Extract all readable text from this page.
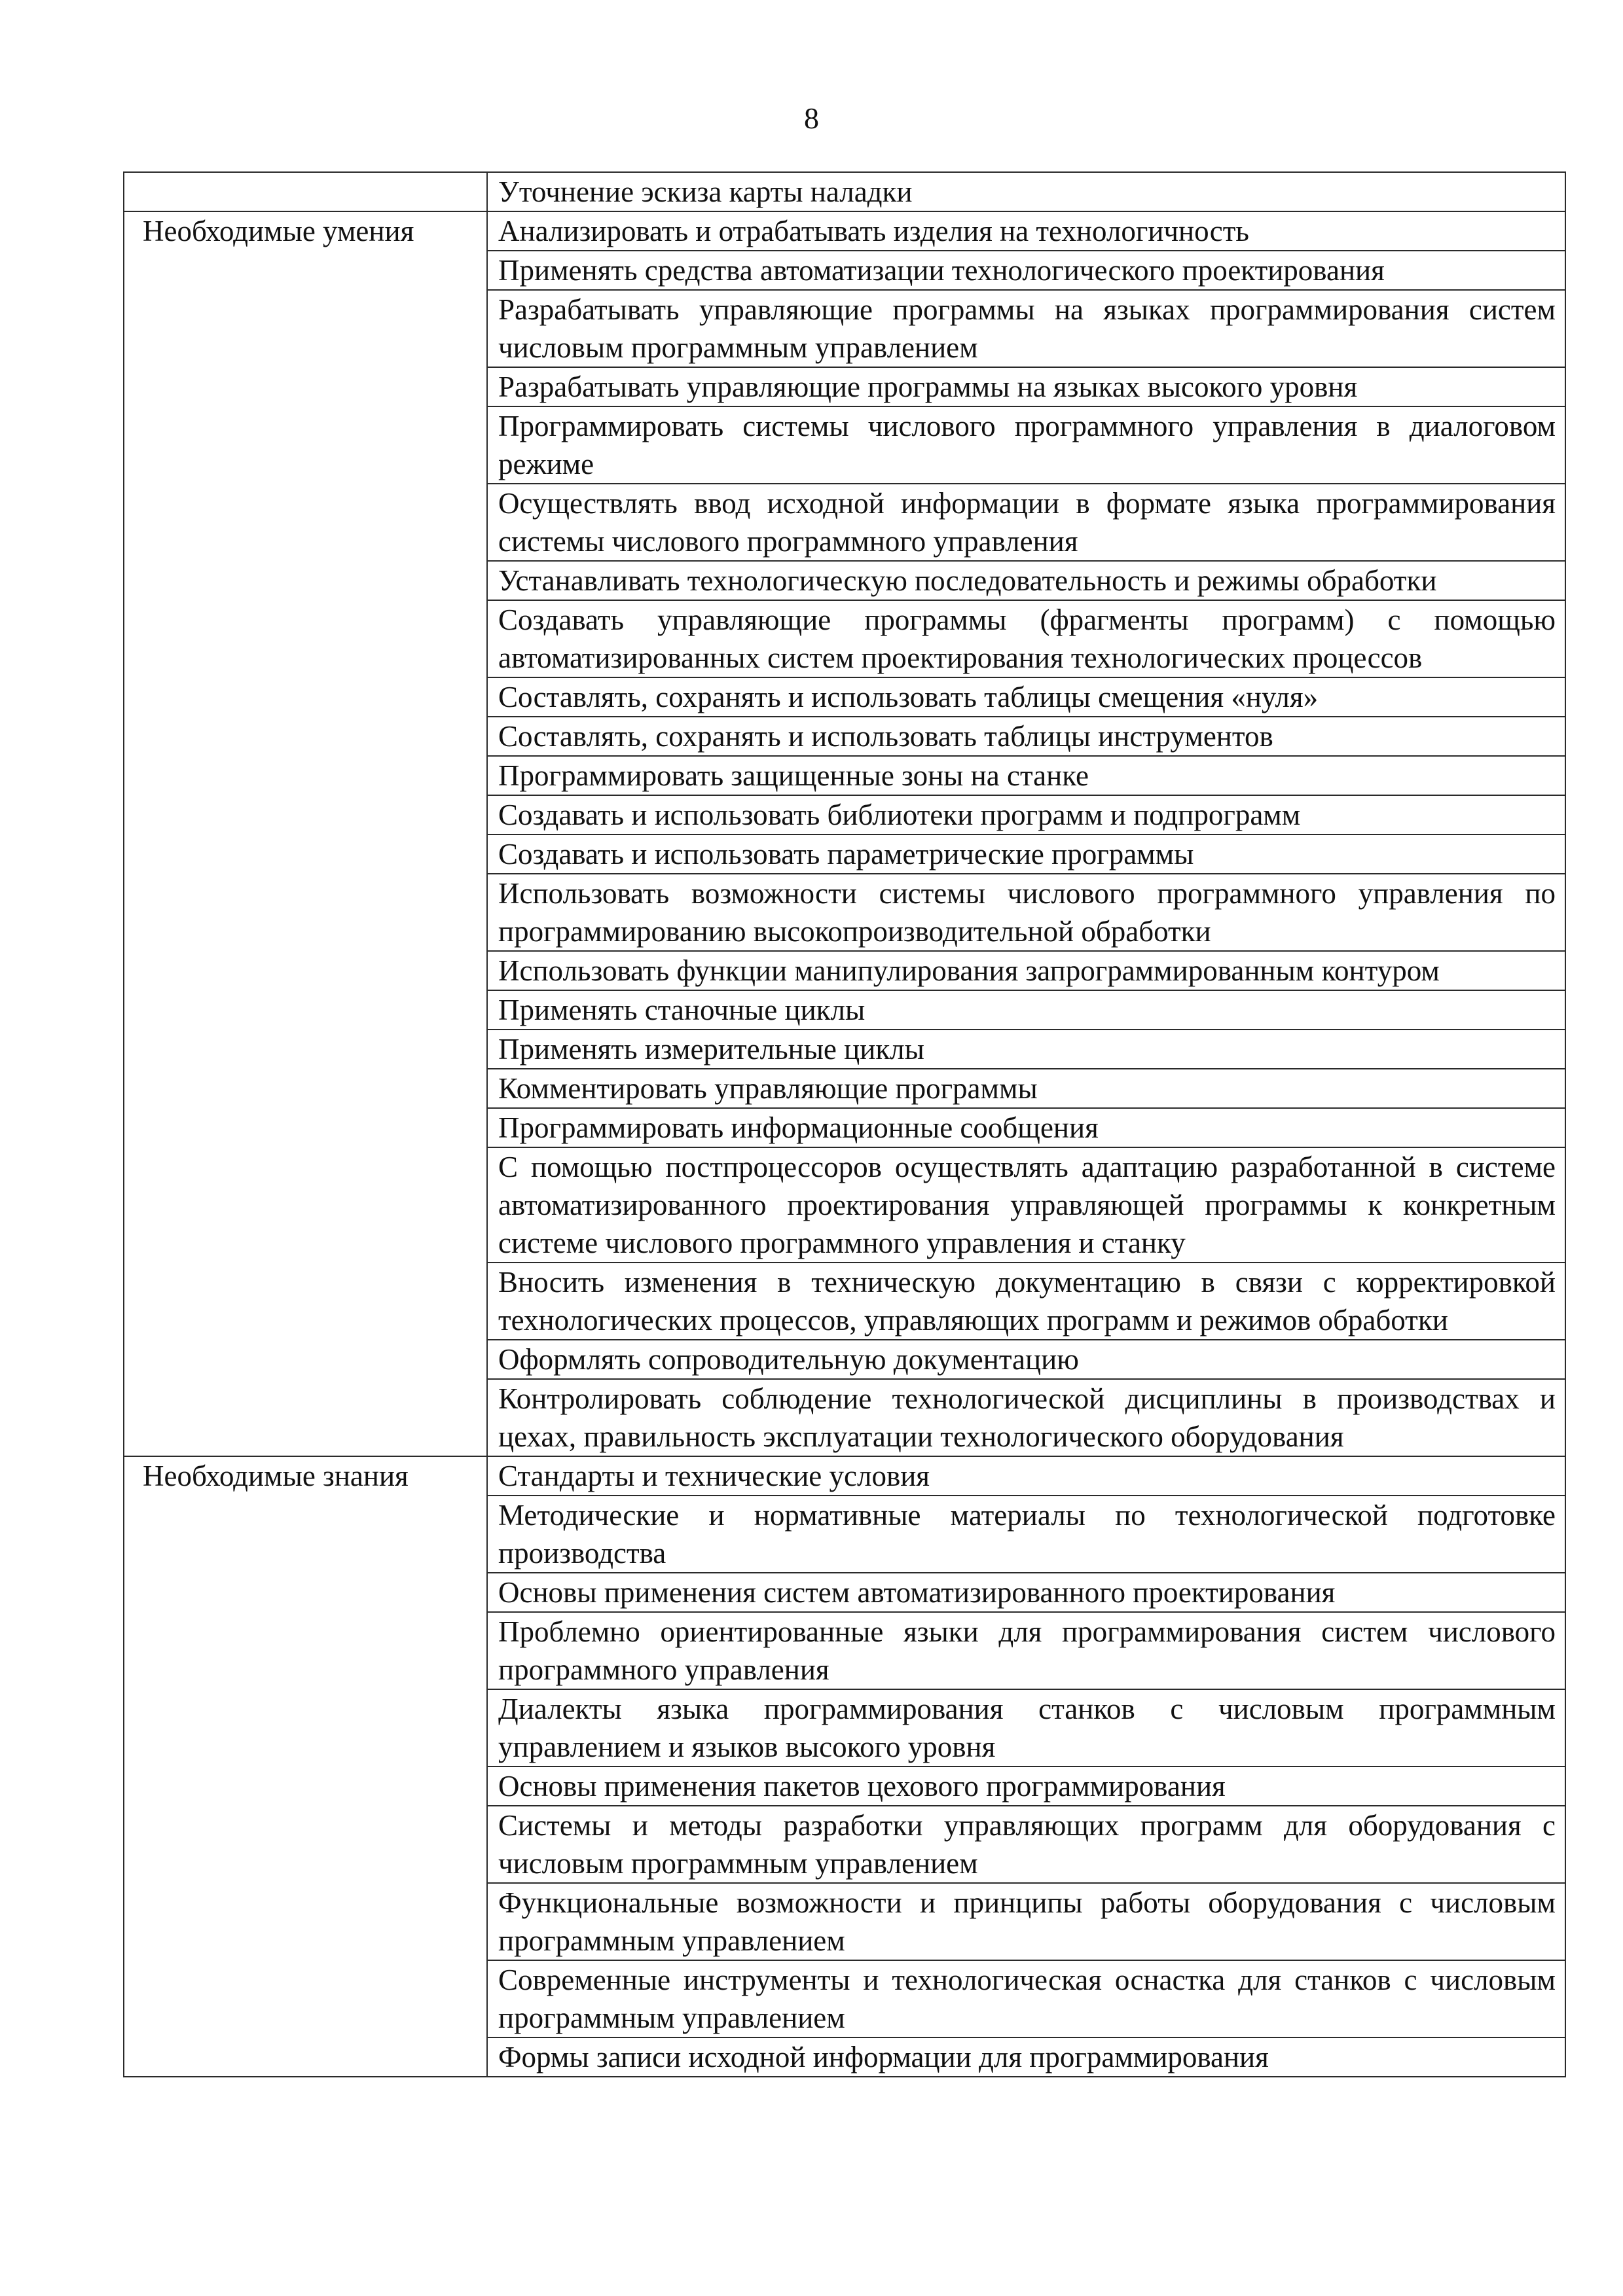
8
	Уточнение эскиза карты наладки
Необходимые умения	Анализировать и отрабатывать изделия на технологичность
	Применять средства автоматизации технологического проектирования
	Разрабатывать управляющие программы на языках программирования систем числовым программным управлением
	Разрабатывать управляющие программы на языках высокого уровня
	Программировать системы числового программного управления в диалоговом режиме
	Осуществлять ввод исходной информации в формате языка программирования системы числового программного управления
	Устанавливать технологическую последовательность и режимы обработки
	Создавать управляющие программы (фрагменты программ) с помощью автоматизированных систем проектирования технологических процессов
	Составлять, сохранять и использовать таблицы смещения «нуля»
	Составлять, сохранять и использовать таблицы инструментов
	Программировать защищенные зоны на станке
	Создавать и использовать библиотеки программ и подпрограмм
	Создавать и использовать параметрические программы
	Использовать возможности системы числового программного управления по программированию высокопроизводительной обработки
	Использовать функции манипулирования запрограммированным контуром
	Применять станочные циклы
	Применять измерительные циклы
	Комментировать управляющие программы
	Программировать информационные сообщения
	С помощью постпроцессоров осуществлять адаптацию разработанной в системе автоматизированного проектирования управляющей программы к конкретным системе числового программного управления и станку
	Вносить изменения в техническую документацию в связи с корректировкой технологических процессов, управляющих программ и режимов обработки
	Оформлять сопроводительную документацию
	Контролировать соблюдение технологической дисциплины в производствах и цехах, правильность эксплуатации технологического оборудования
Необходимые знания	Стандарты и технические условия
	Методические и нормативные материалы по технологической подготовке производства
	Основы применения систем автоматизированного проектирования
	Проблемно ориентированные языки для программирования систем числового программного управления
	Диалекты языка программирования станков с числовым программным управлением и языков высокого уровня
	Основы применения пакетов цехового программирования
	Системы и методы разработки управляющих программ для оборудования с числовым программным управлением
	Функциональные возможности и принципы работы оборудования с числовым программным управлением
	Современные инструменты и технологическая оснастка для станков с числовым программным управлением
	Формы записи исходной информации для программирования
